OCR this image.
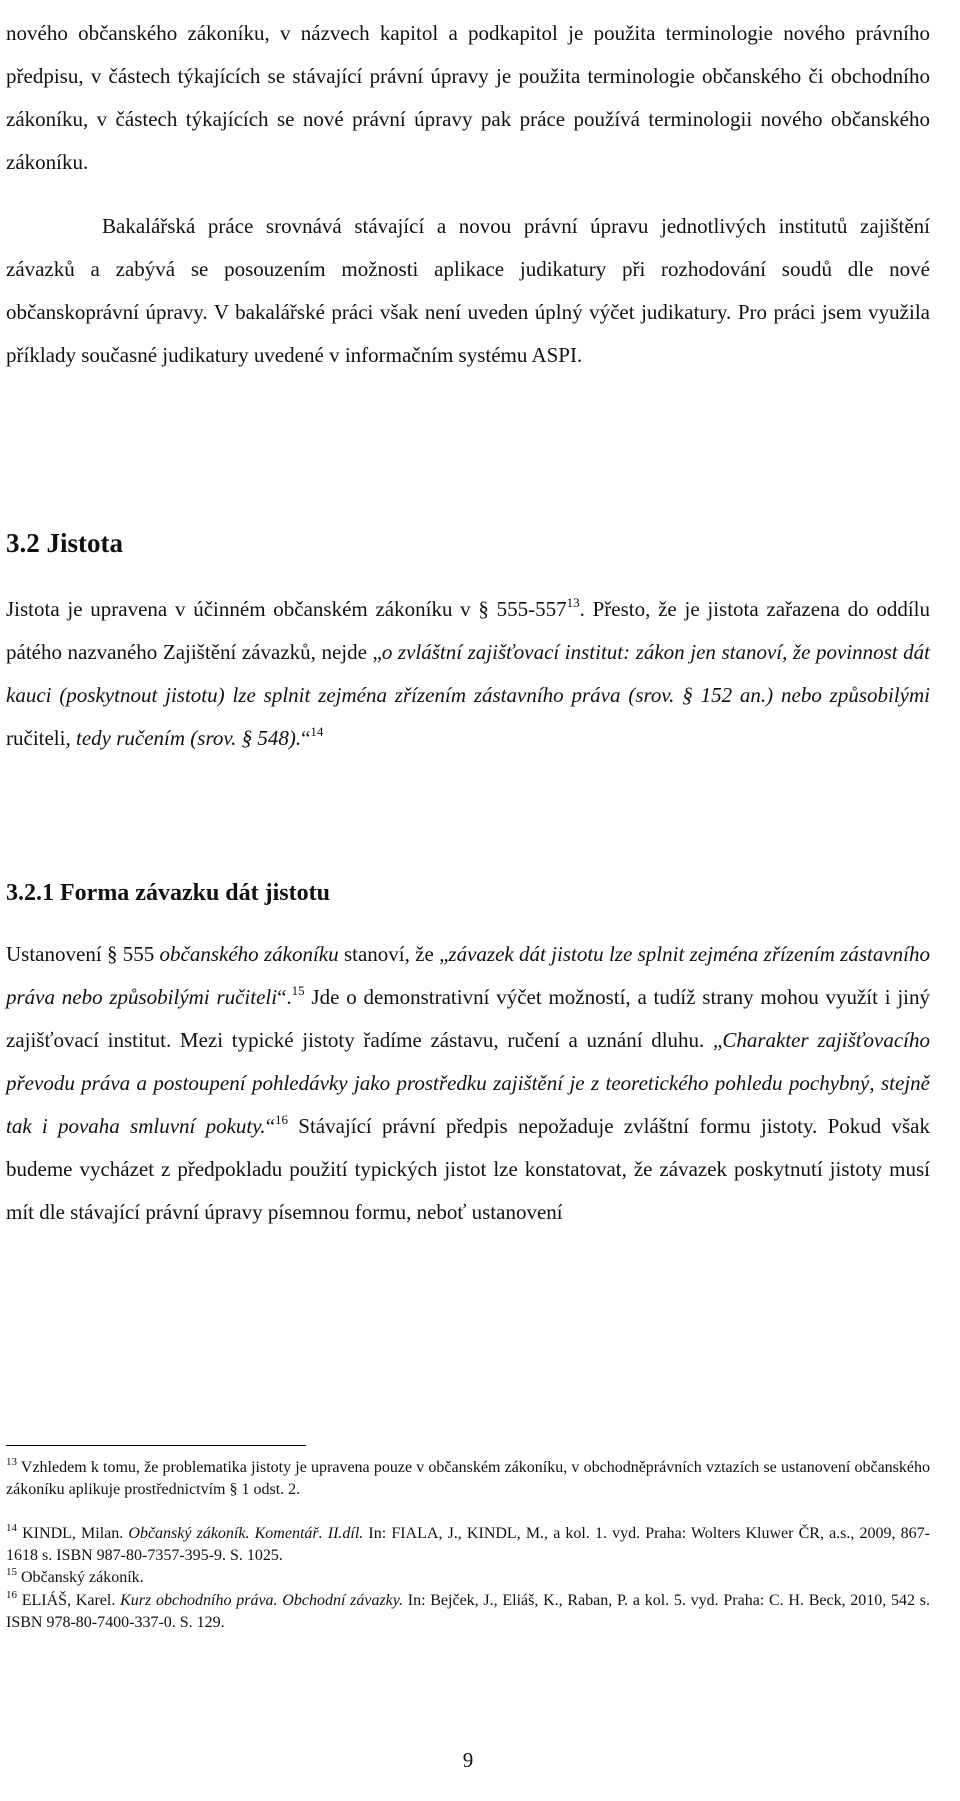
nového občanského zákoníku, v názvech kapitol a podkapitol je použita terminologie nového právního předpisu, v částech týkajících se stávající právní úpravy je použita terminologie občanského či obchodního zákoníku, v částech týkajících se nové právní úpravy pak práce používá terminologii nového občanského zákoníku.

Bakalářská práce srovnává stávající a novou právní úpravu jednotlivých institutů zajištění závazků a zabývá se posouzením možnosti aplikace judikatury při rozhodování soudů dle nové občanskoprávní úpravy. V bakalářské práci však není uveden úplný výčet judikatury. Pro práci jsem využila příklady současné judikatury uvedené v informačním systému ASPI.

3.2 Jistota

Jistota je upravena v účinném občanském zákoníku v § $555-557^{13}$. Přesto, že je jistota zařazena do oddílu pátého nazvaného Zajištění závazků, nejde „o zvláštní zajišťovací institut: zákon jen stanoví, že povinnost dát kauci (poskytnout jistotu) lze splnit zejména zřízením zástavního práva (srov. § 152 an.) nebo způsobilými ručiteli, tedy ručením (srov. § 548).“$^{14}$

3.2.1 Forma závazku dát jistotu

Ustanovení § 555 občanského zákoníku stanoví, že „závazek dát jistotu lze splnit zejména zřízením zástavního práva nebo způsobilými ručiteli“.$^{15}$ Jde o demonstrativní výčet možností, a tudíž strany mohou využít i jiný zajišťovací institut. Mezi typické jistoty řadíme zástavu, ručení a uznání dluhu. „Charakter zajišťovacího převodu práva a postoupení pohledávky jako prostředku zajištění je z teoretického pohledu pochybný, stejně tak i povaha smluvní pokuty.“$^{16}$ Stávající právní předpis nepožaduje zvláštní formu jistoty. Pokud však budeme vycházet z předpokladu použití typických jistot lze konstatovat, že závazek poskytnutí jistoty musí mít dle stávající právní úpravy písemnou formu, neboť ustanovení

$^{13}$ Vzhledem k tomu, že problematika jistoty je upravena pouze v občanském zákoníku, v obchodněprávních vztazích se ustanovení občanského zákoníku aplikuje prostřednictvím § 1 odst. 2.

$^{14}$ KINDL, Milan. Občanský zákoník. Komentář. II.díl. In: FIALA, J., KINDL, M., a kol. 1. vyd. Praha: Wolters Kluwer ČR, a.s., 2009, 867-1618 s. ISBN 987-80-7357-395-9. S. 1025.

$^{15}$ Občanský zákoník.

$^{16}$ ELIÁŠ, Karel. Kurz obchodního práva. Obchodní závazky. In: Bejček, J., Eliáš, K., Raban, P. a kol. 5. vyd. Praha: C. H. Beck, 2010, 542 s. ISBN 978-80-7400-337-0. S. 129.

9
